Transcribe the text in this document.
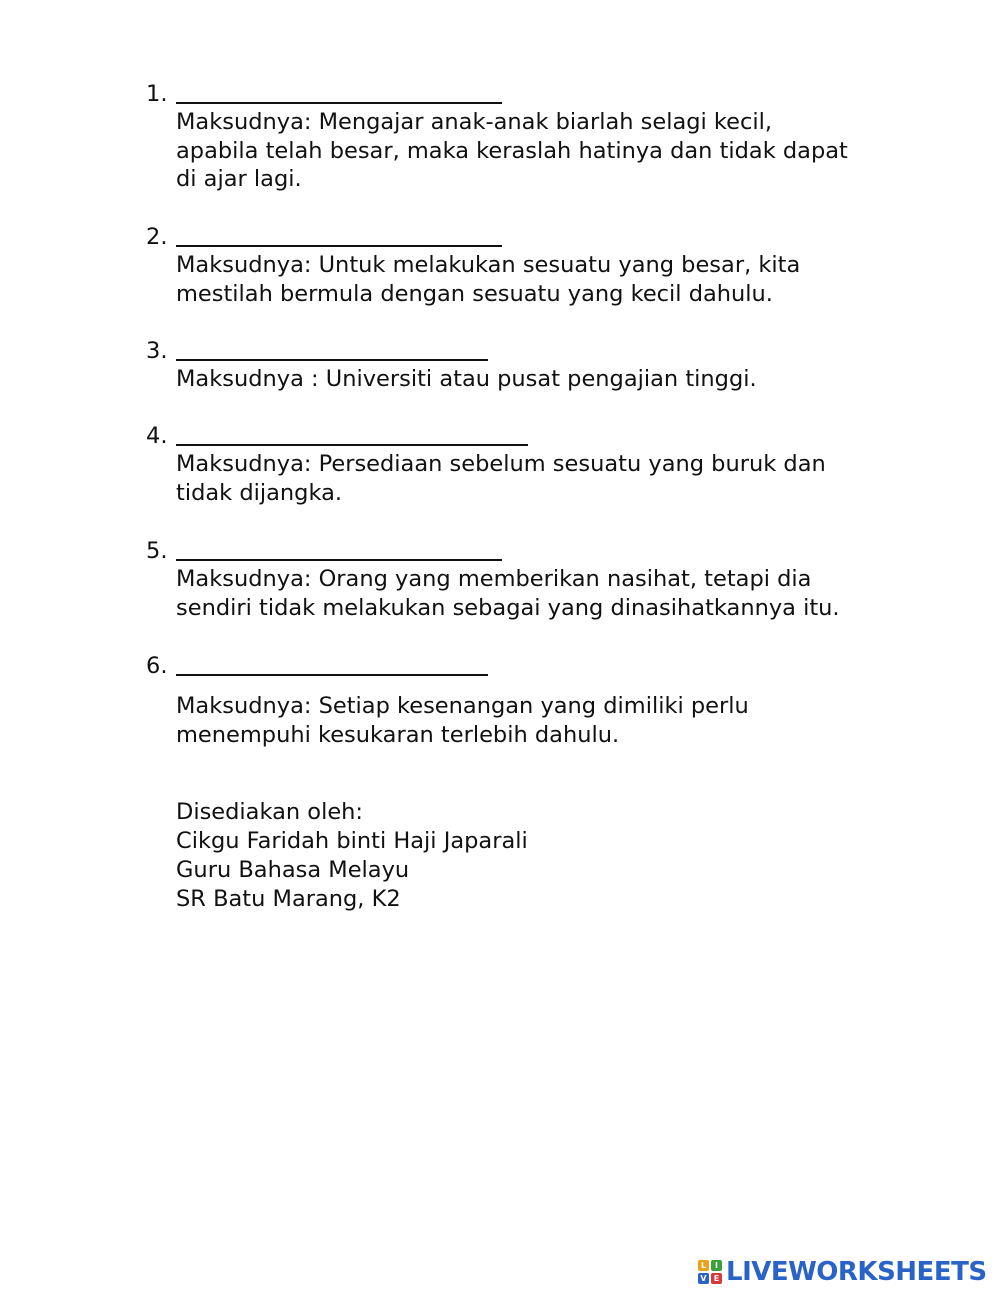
1.
Maksudnya: Mengajar anak-anak biarlah selagi kecil,
apabila telah besar, maka keraslah hatinya dan tidak dapat
di ajar lagi.
2.
Maksudnya: Untuk melakukan sesuatu yang besar, kita
mestilah bermula dengan sesuatu yang kecil dahulu.
3.
Maksudnya : Universiti atau pusat pengajian tinggi.
4.
Maksudnya: Persediaan sebelum sesuatu yang buruk dan
tidak dijangka.
5.
Maksudnya: Orang yang memberikan nasihat, tetapi dia
sendiri tidak melakukan sebagai yang dinasihatkannya itu.
6.
Maksudnya: Setiap kesenangan yang dimiliki perlu
menempuhi kesukaran terlebih dahulu.
Disediakan oleh:
Cikgu Faridah binti Haji Japarali
Guru Bahasa Melayu
SR Batu Marang, K2
L	I
V E LIVEWORKSHEETS
